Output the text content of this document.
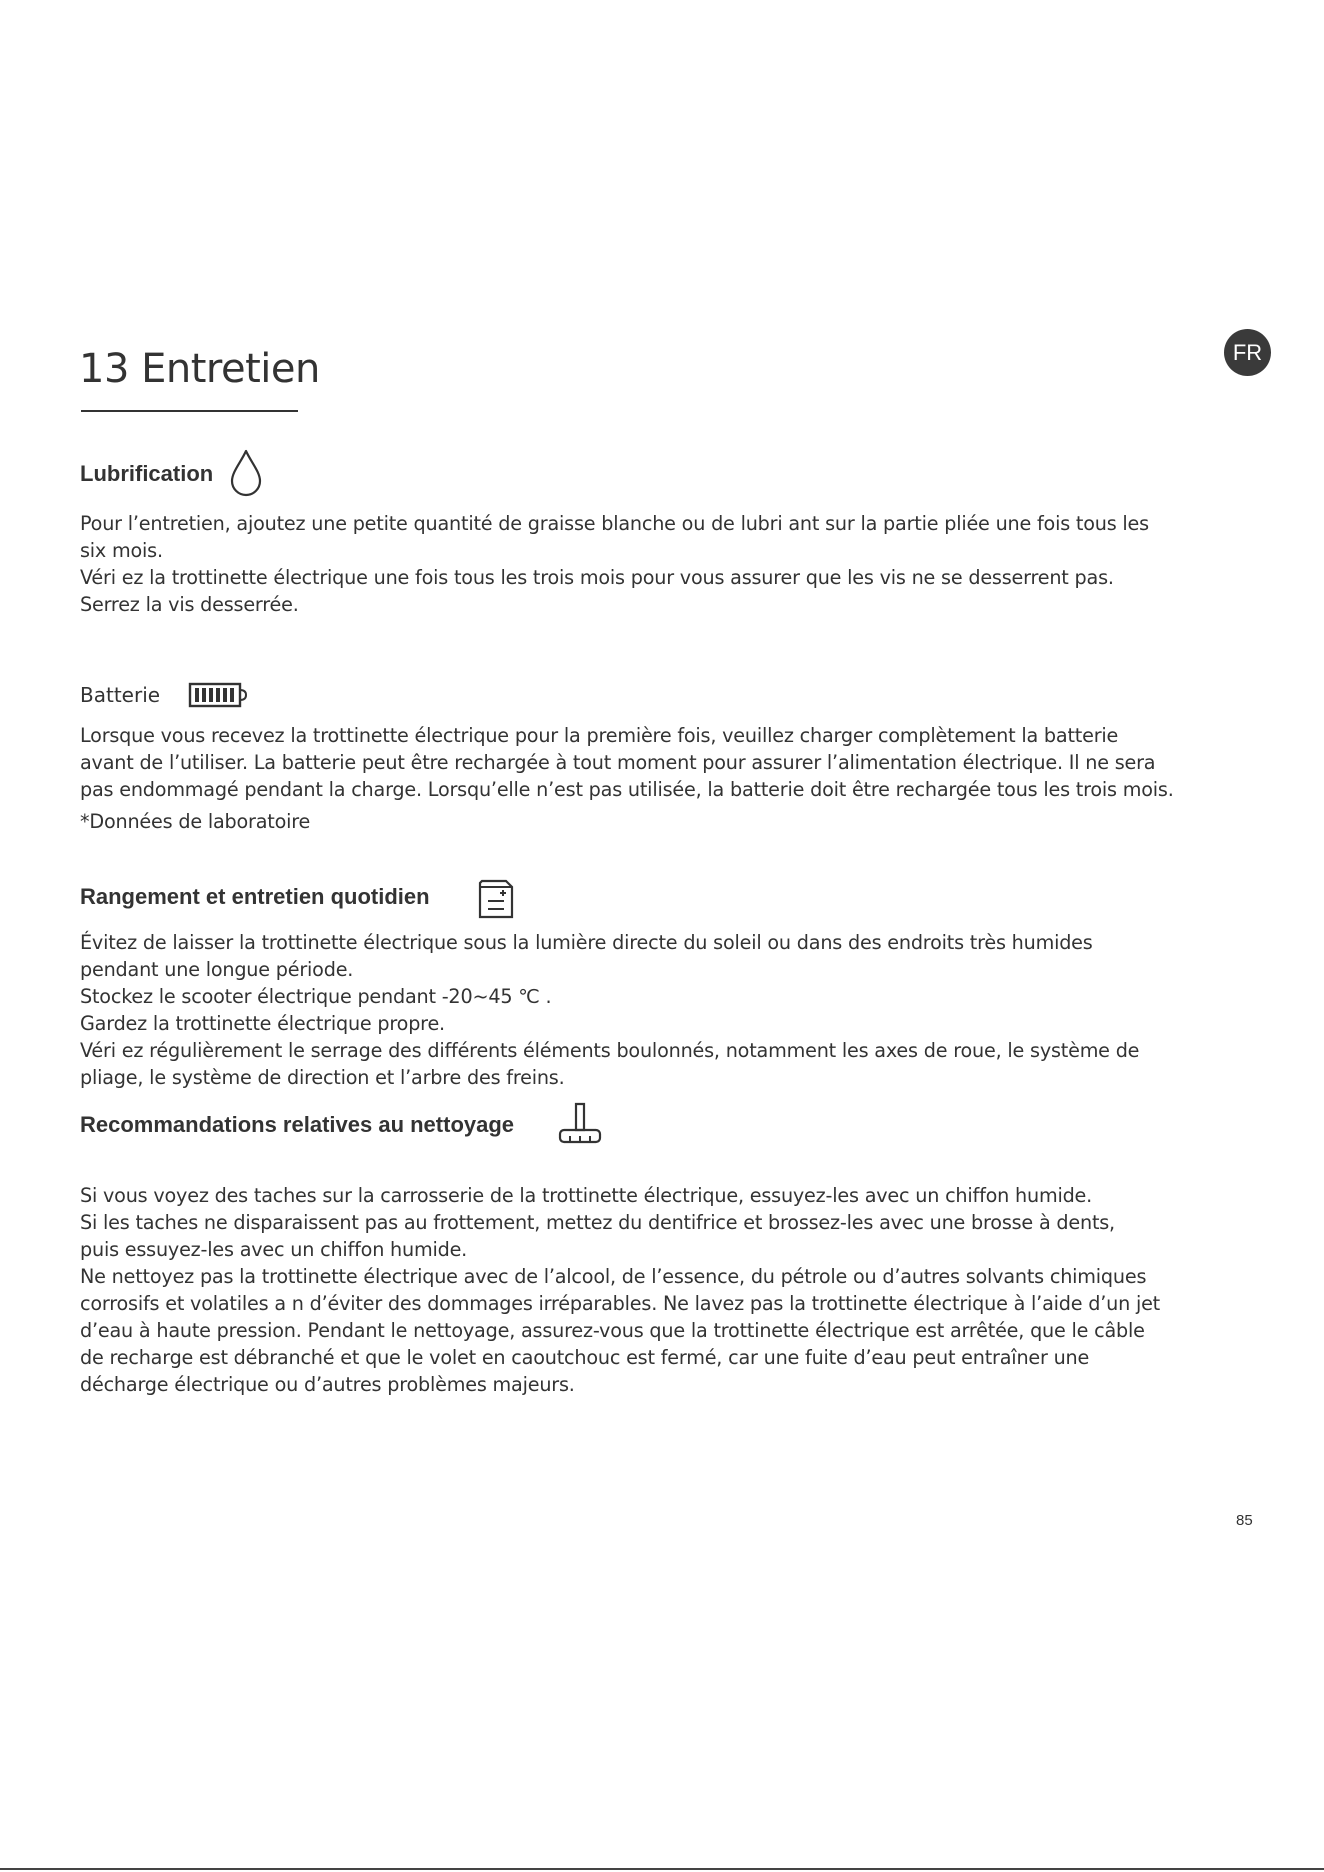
FR
13 Entretien
Lubrification

Pour l’entretien, ajoutez une petite quantité de graisse blanche ou de lubri ant sur la partie pliée une fois tous les
six mois.
Véri ez la trottinette électrique une fois tous les trois mois pour vous assurer que les vis ne se desserrent pas.
Serrez la vis desserrée.

Batterie

Lorsque vous recevez la trottinette électrique pour la première fois, veuillez charger complètement la batterie
avant de l’utiliser. La batterie peut être rechargée à tout moment pour assurer l’alimentation électrique. Il ne sera
pas endommagé pendant la charge. Lorsqu’elle n’est pas utilisée, la batterie doit être rechargée tous les trois mois.

*Données de laboratoire

Rangement et entretien quotidien

Évitez de laisser la trottinette électrique sous la lumière directe du soleil ou dans des endroits très humides
pendant une longue période.
Stockez le scooter électrique pendant -20~45 ℃ .
Gardez la trottinette électrique propre.
Véri ez régulièrement le serrage des différents éléments boulonnés, notamment les axes de roue, le système de
pliage, le système de direction et l’arbre des freins.

Recommandations relatives au nettoyage

Si vous voyez des taches sur la carrosserie de la trottinette électrique, essuyez-les avec un chiffon humide.
Si les taches ne disparaissent pas au frottement, mettez du dentifrice et brossez-les avec une brosse à dents,
puis essuyez-les avec un chiffon humide.
Ne nettoyez pas la trottinette électrique avec de l’alcool, de l’essence, du pétrole ou d’autres solvants chimiques
corrosifs et volatiles a n d’éviter des dommages irréparables. Ne lavez pas la trottinette électrique à l’aide d’un jet
d’eau à haute pression. Pendant le nettoyage, assurez-vous que la trottinette électrique est arrêtée, que le câble
de recharge est débranché et que le volet en caoutchouc est fermé, car une fuite d’eau peut entraîner une
décharge électrique ou d’autres problèmes majeurs.

85
